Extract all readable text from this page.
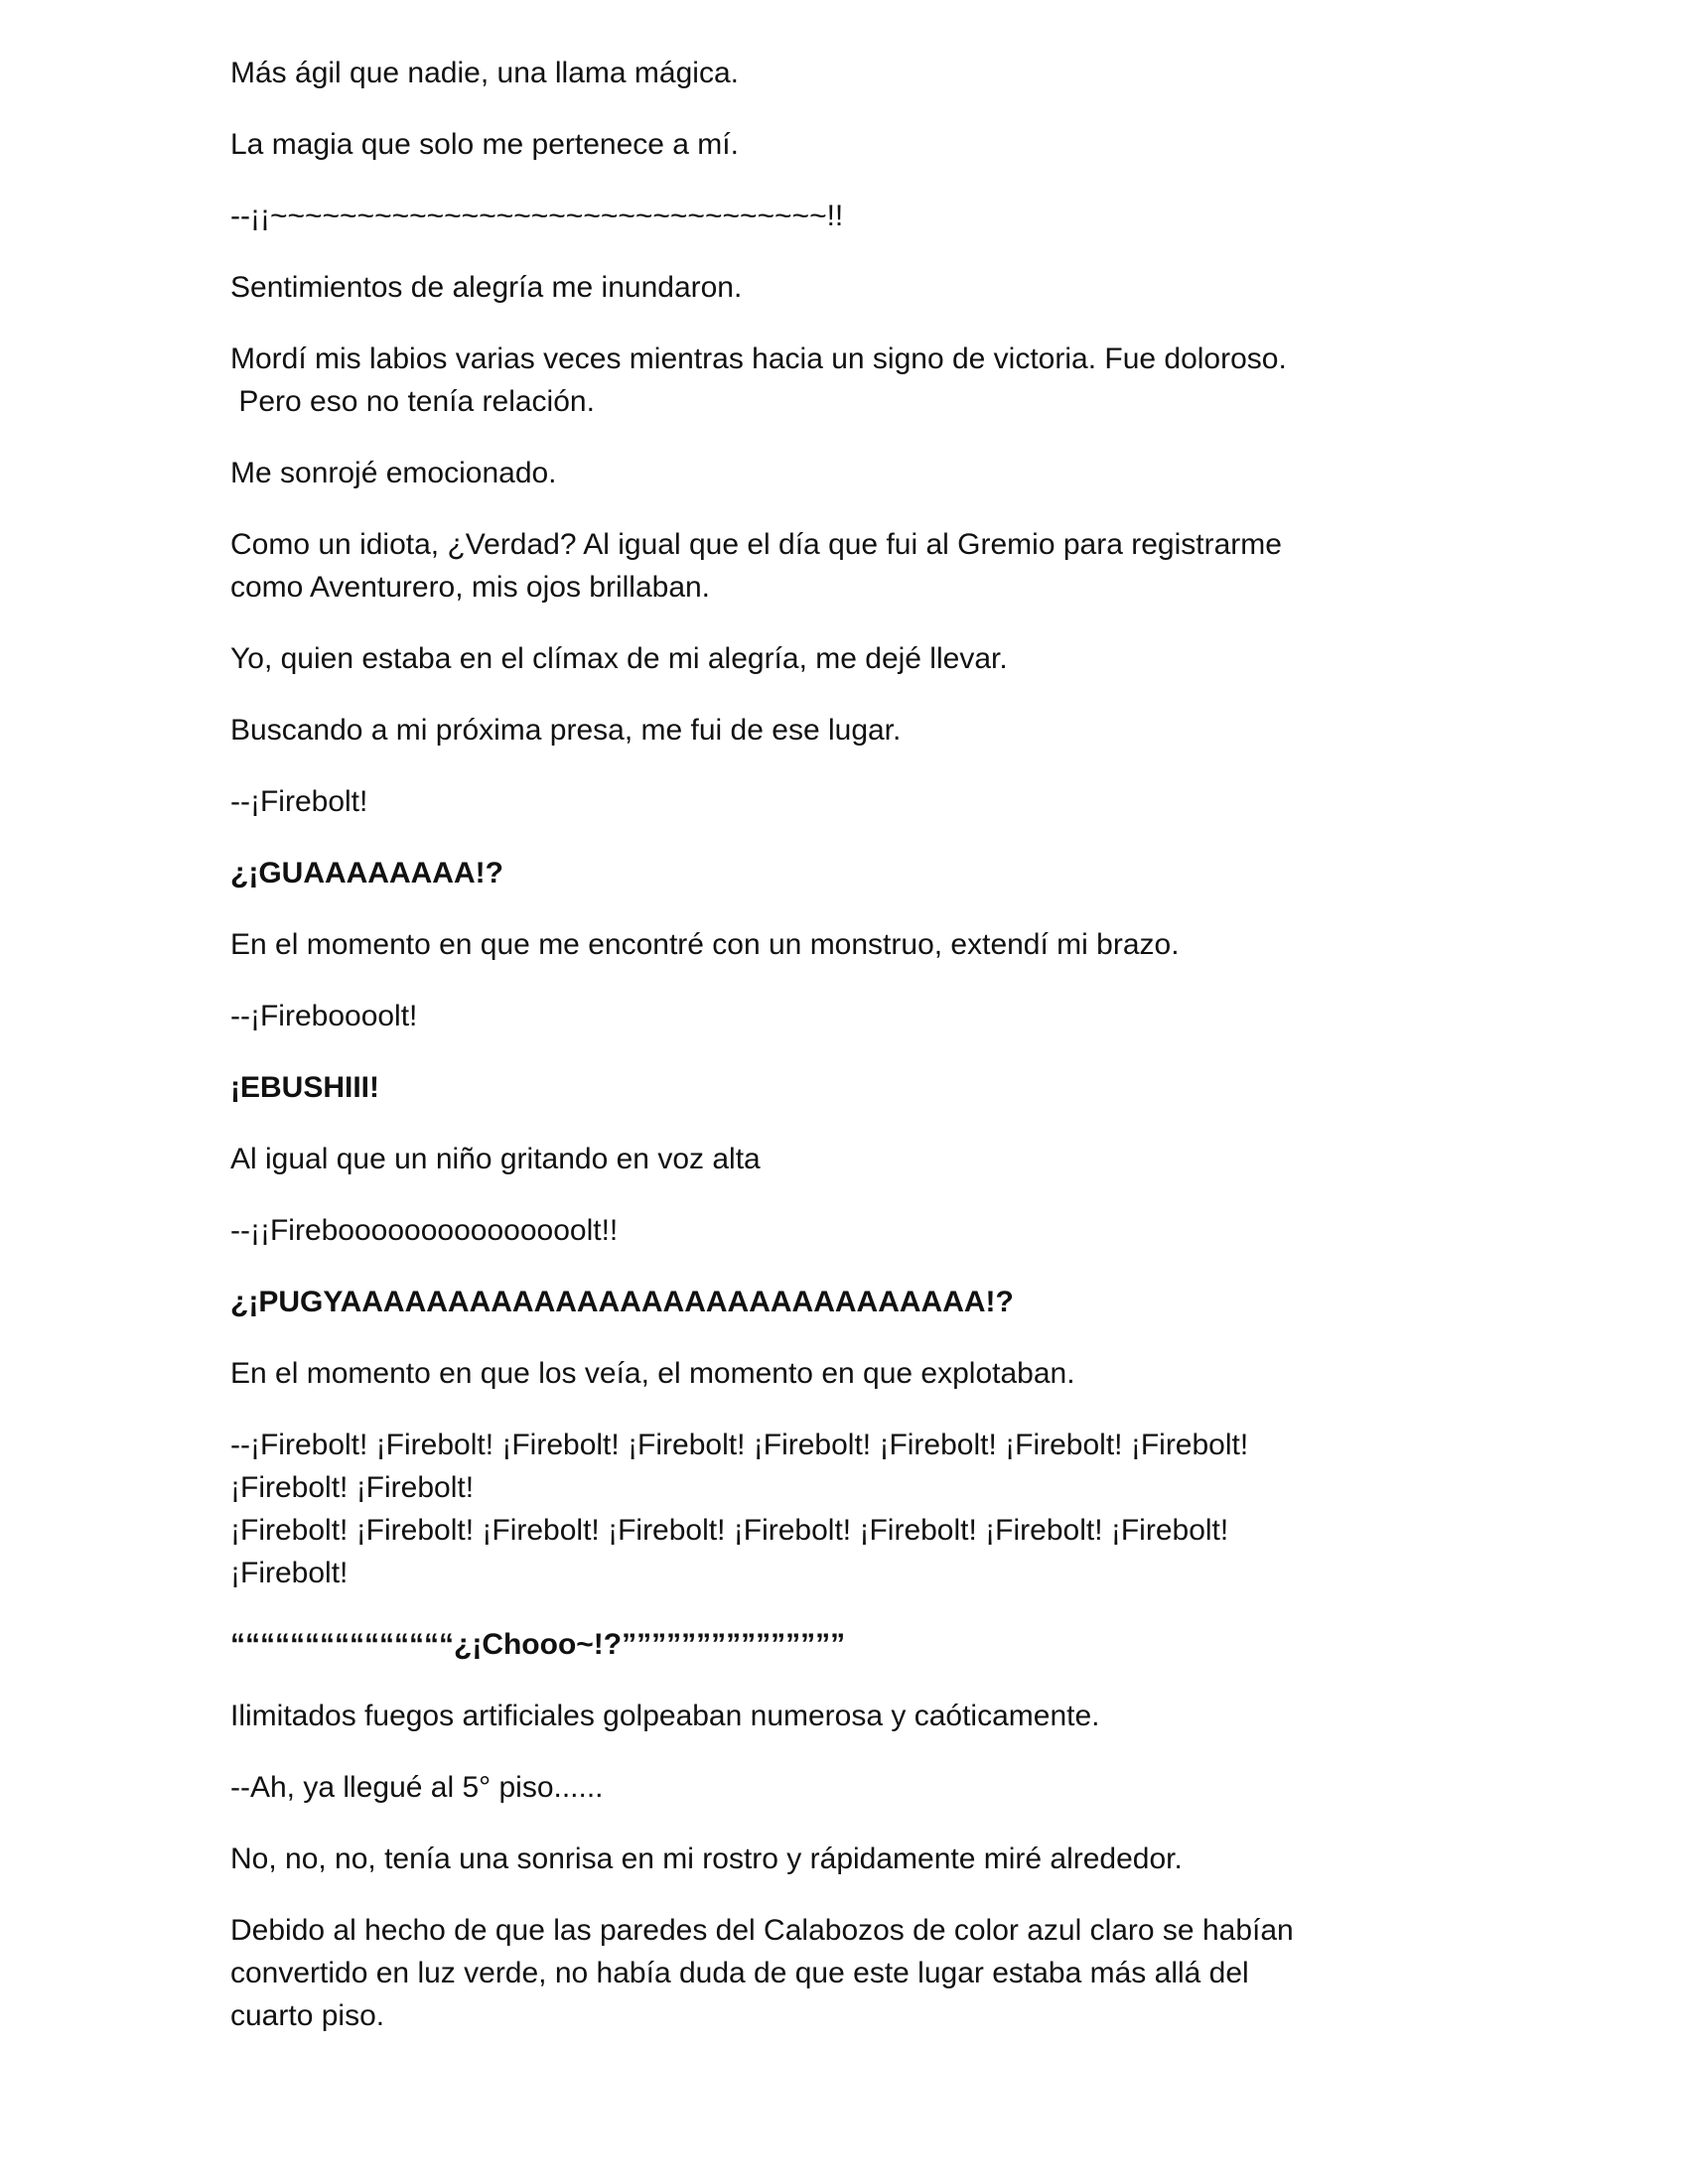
Más ágil que nadie, una llama mágica.

La magia que solo me pertenece a mí.

--¡¡~~~~~~~~~~~~~~~~~~~~~~~~~~~~~~~~!!

Sentimientos de alegría me inundaron.

Mordí mis labios varias veces mientras hacia un signo de victoria. Fue doloroso.
Pero eso no tenía relación.

Me sonrojé emocionado.

Como un idiota, ¿Verdad? Al igual que el día que fui al Gremio para registrarme
como Aventurero, mis ojos brillaban.

Yo, quien estaba en el clímax de mi alegría, me dejé llevar.

Buscando a mi próxima presa, me fui de ese lugar.

--¡Firebolt!

¿¡GUAAAAAAAA!?

En el momento en que me encontré con un monstruo, extendí mi brazo.

--¡Fireboooolt!

¡EBUSHIII!

Al igual que un niño gritando en voz alta

--¡¡Firebooooooooooooooolt!!

¿¡PUGYAAAAAAAAAAAAAAAAAAAAAAAAAAAAAA!?

En el momento en que los veía, el momento en que explotaban.

--¡Firebolt! ¡Firebolt! ¡Firebolt! ¡Firebolt! ¡Firebolt! ¡Firebolt! ¡Firebolt! ¡Firebolt!
¡Firebolt! ¡Firebolt!
¡Firebolt! ¡Firebolt! ¡Firebolt! ¡Firebolt! ¡Firebolt! ¡Firebolt! ¡Firebolt! ¡Firebolt!
¡Firebolt!

“““““““““““““““¿¡Chooo~!?”””””””””””””””

Ilimitados fuegos artificiales golpeaban numerosa y caóticamente.

--Ah, ya llegué al 5° piso......

No, no, no, tenía una sonrisa en mi rostro y rápidamente miré alrededor.

Debido al hecho de que las paredes del Calabozos de color azul claro se habían
convertido en luz verde, no había duda de que este lugar estaba más allá del
cuarto piso.
